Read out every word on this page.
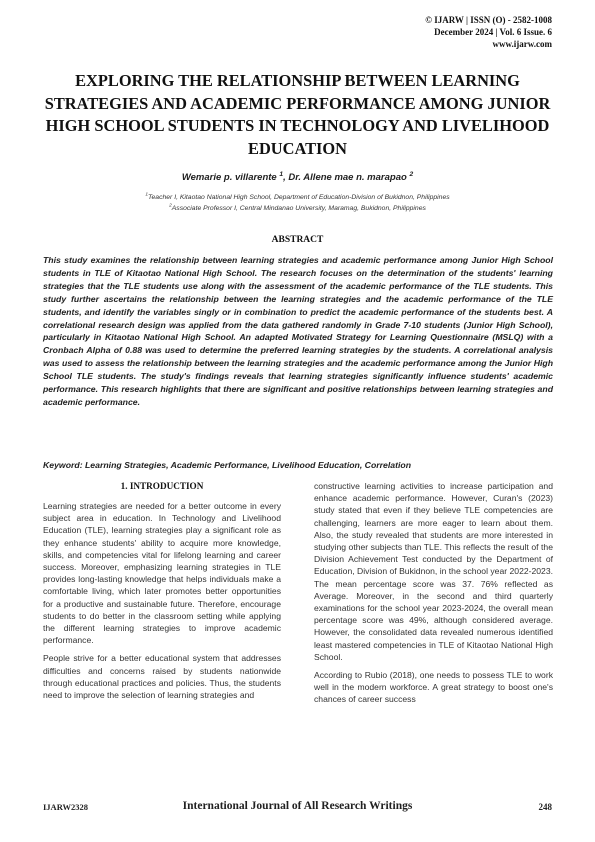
© IJARW | ISSN (O) - 2582-1008
December 2024 | Vol. 6 Issue. 6
www.ijarw.com
EXPLORING THE RELATIONSHIP BETWEEN LEARNING STRATEGIES AND ACADEMIC PERFORMANCE AMONG JUNIOR HIGH SCHOOL STUDENTS IN TECHNOLOGY AND LIVELIHOOD EDUCATION
Wemarie p. villarente $^1$, Dr. Allene mae n. marapao $^2$
$^1$Teacher I, Kitaotao National High School, Department of Education-Division of Bukidnon, Philippines
$^2$Associate Professor I, Central Mindanao University, Maramag, Bukidnon, Philippines
ABSTRACT

This study examines the relationship between learning strategies and academic performance among Junior High School students in TLE of Kitaotao National High School. The research focuses on the determination of the students' learning strategies that the TLE students use along with the assessment of the academic performance of the TLE students. This study further ascertains the relationship between the learning strategies and the academic performance of the TLE students, and identify the variables singly or in combination to predict the academic performance of the students best. A correlational research design was applied from the data gathered randomly in Grade 7-10 students (Junior High School), particularly in Kitaotao National High School. An adapted Motivated Strategy for Learning Questionnaire (MSLQ) with a Cronbach Alpha of 0.88 was used to determine the preferred learning strategies by the students. A correlational analysis was used to assess the relationship between the learning strategies and the academic performance among the Junior High School TLE students. The study's findings reveals that learning strategies significantly influence students' academic performance. This research highlights that there are significant and positive relationships between learning strategies and academic performance.

Keyword: Learning Strategies, Academic Performance, Livelihood Education, Correlation

1. INTRODUCTION

Learning strategies are needed for a better outcome in every subject area in education. In Technology and Livelihood Education (TLE), learning strategies play a significant role as they enhance students' ability to acquire more knowledge, skills, and competencies vital for lifelong learning and career success. Moreover, emphasizing learning strategies in TLE provides long-lasting knowledge that helps individuals make a comfortable living, which later promotes better opportunities for a productive and sustainable future. Therefore, encourage students to do better in the classroom setting while applying the different learning strategies to improve academic performance.

People strive for a better educational system that addresses difficulties and concerns raised by students nationwide through educational practices and policies. Thus, the students need to improve the selection of learning strategies and

constructive learning activities to increase participation and enhance academic performance. However, Curan's (2023) study stated that even if they believe TLE competencies are challenging, learners are more eager to learn about them. Also, the study revealed that students are more interested in studying other subjects than TLE. This reflects the result of the Division Achievement Test conducted by the Department of Education, Division of Bukidnon, in the school year 2022-2023. The mean percentage score was 37. 76% reflected as Average. Moreover, in the second and third quarterly examinations for the school year 2023-2024, the overall mean percentage score was 49%, although considered average. However, the consolidated data revealed numerous identified least mastered competencies in TLE of Kitaotao National High School.

According to Rubio (2018), one needs to possess TLE to work well in the modern workforce. A great strategy to boost one's chances of career success

IJARW2328	International Journal of All Research Writings	248
